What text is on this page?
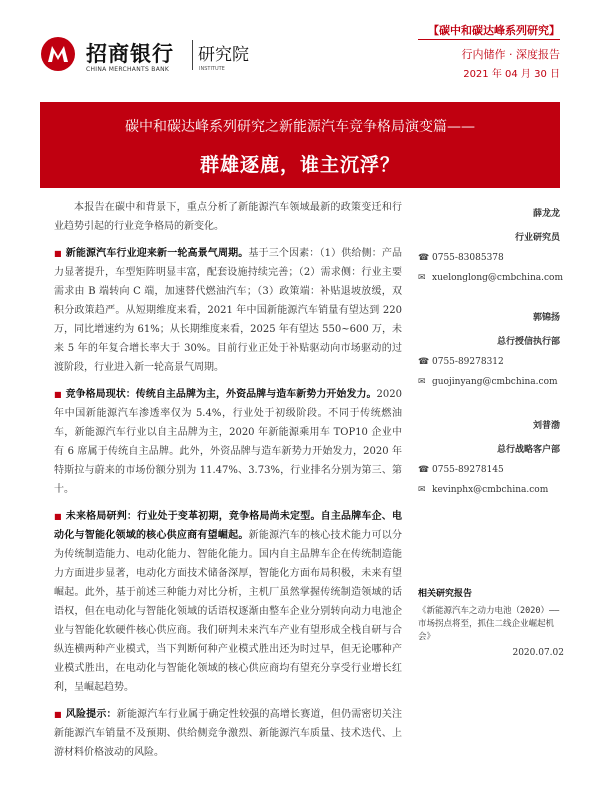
招商银行
CHINA MERCHANTS BANK
研究院
INSTITUTE
【碳中和碳达峰系列研究】
行内储作 · 深度报告
2021 年 04 月 30 日
碳中和碳达峰系列研究之新能源汽车竞争格局演变篇——
群雄逐鹿，谁主沉浮？

本报告在碳中和背景下，重点分析了新能源汽车领域最新的政策变迁和行业趋势引起的行业竞争格局的新变化。

■ 新能源汽车行业迎来新一轮高景气周期。基于三个因素：（1）供给侧：产品力显著提升，车型矩阵明显丰富，配套设施持续完善；（2）需求侧：行业主要需求由 B 端转向 C 端，加速替代燃油汽车；（3）政策端：补贴退坡放缓，双积分政策趋严。从短期维度来看，2021 年中国新能源汽车销量有望达到 220 万，同比增速约为 61%；从长期维度来看，2025 年有望达 550~600 万，未来 5 年的年复合增长率大于 30%。目前行业正处于补贴驱动向市场驱动的过渡阶段，行业进入新一轮高景气周期。

■ 竞争格局现状：传统自主品牌为主，外资品牌与造车新势力开始发力。2020 年中国新能源汽车渗透率仅为 5.4%，行业处于初级阶段。不同于传统燃油车，新能源汽车行业以自主品牌为主，2020 年新能源乘用车 TOP10 企业中有 6 席属于传统自主品牌。此外，外资品牌与造车新势力开始发力，2020 年特斯拉与蔚来的市场份额分别为 11.47%、3.73%，行业排名分别为第三、第十。

■ 未来格局研判：行业处于变革初期，竞争格局尚未定型。自主品牌车企、电动化与智能化领域的核心供应商有望崛起。新能源汽车的核心技术能力可以分为传统制造能力、电动化能力、智能化能力。国内自主品牌车企在传统制造能力方面进步显著，电动化方面技术储备深厚，智能化方面布局积极，未来有望崛起。此外，基于前述三种能力对比分析，主机厂虽然掌握传统制造领域的话语权，但在电动化与智能化领域的话语权逐渐由整车企业分别转向动力电池企业与智能化软硬件核心供应商。我们研判未来汽车产业有望形成全栈自研与合纵连横两种产业模式，当下判断何种产业模式胜出还为时过早，但无论哪种产业模式胜出，在电动化与智能化领域的核心供应商均有望充分享受行业增长红利，呈崛起趋势。

■ 风险提示：新能源汽车行业属于确定性较强的高增长赛道，但仍需密切关注新能源汽车销量不及预期、供给侧竞争激烈、新能源汽车质量、技术迭代、上游材料价格波动的风险。

薛龙龙
行业研究员
☎ 0755-83085378
✉ xuelonglong@cmbchina.com
郭锦扬
总行授信执行部
☎ 0755-89278312
✉ guojinyang@cmbchina.com
刘普渤
总行战略客户部
☎ 0755-89278145
✉ kevinphx@cmbchina.com
相关研究报告
《新能源汽车之动力电池（2020）——市场拐点将至，抓住二线企业崛起机会》
2020.07.02
